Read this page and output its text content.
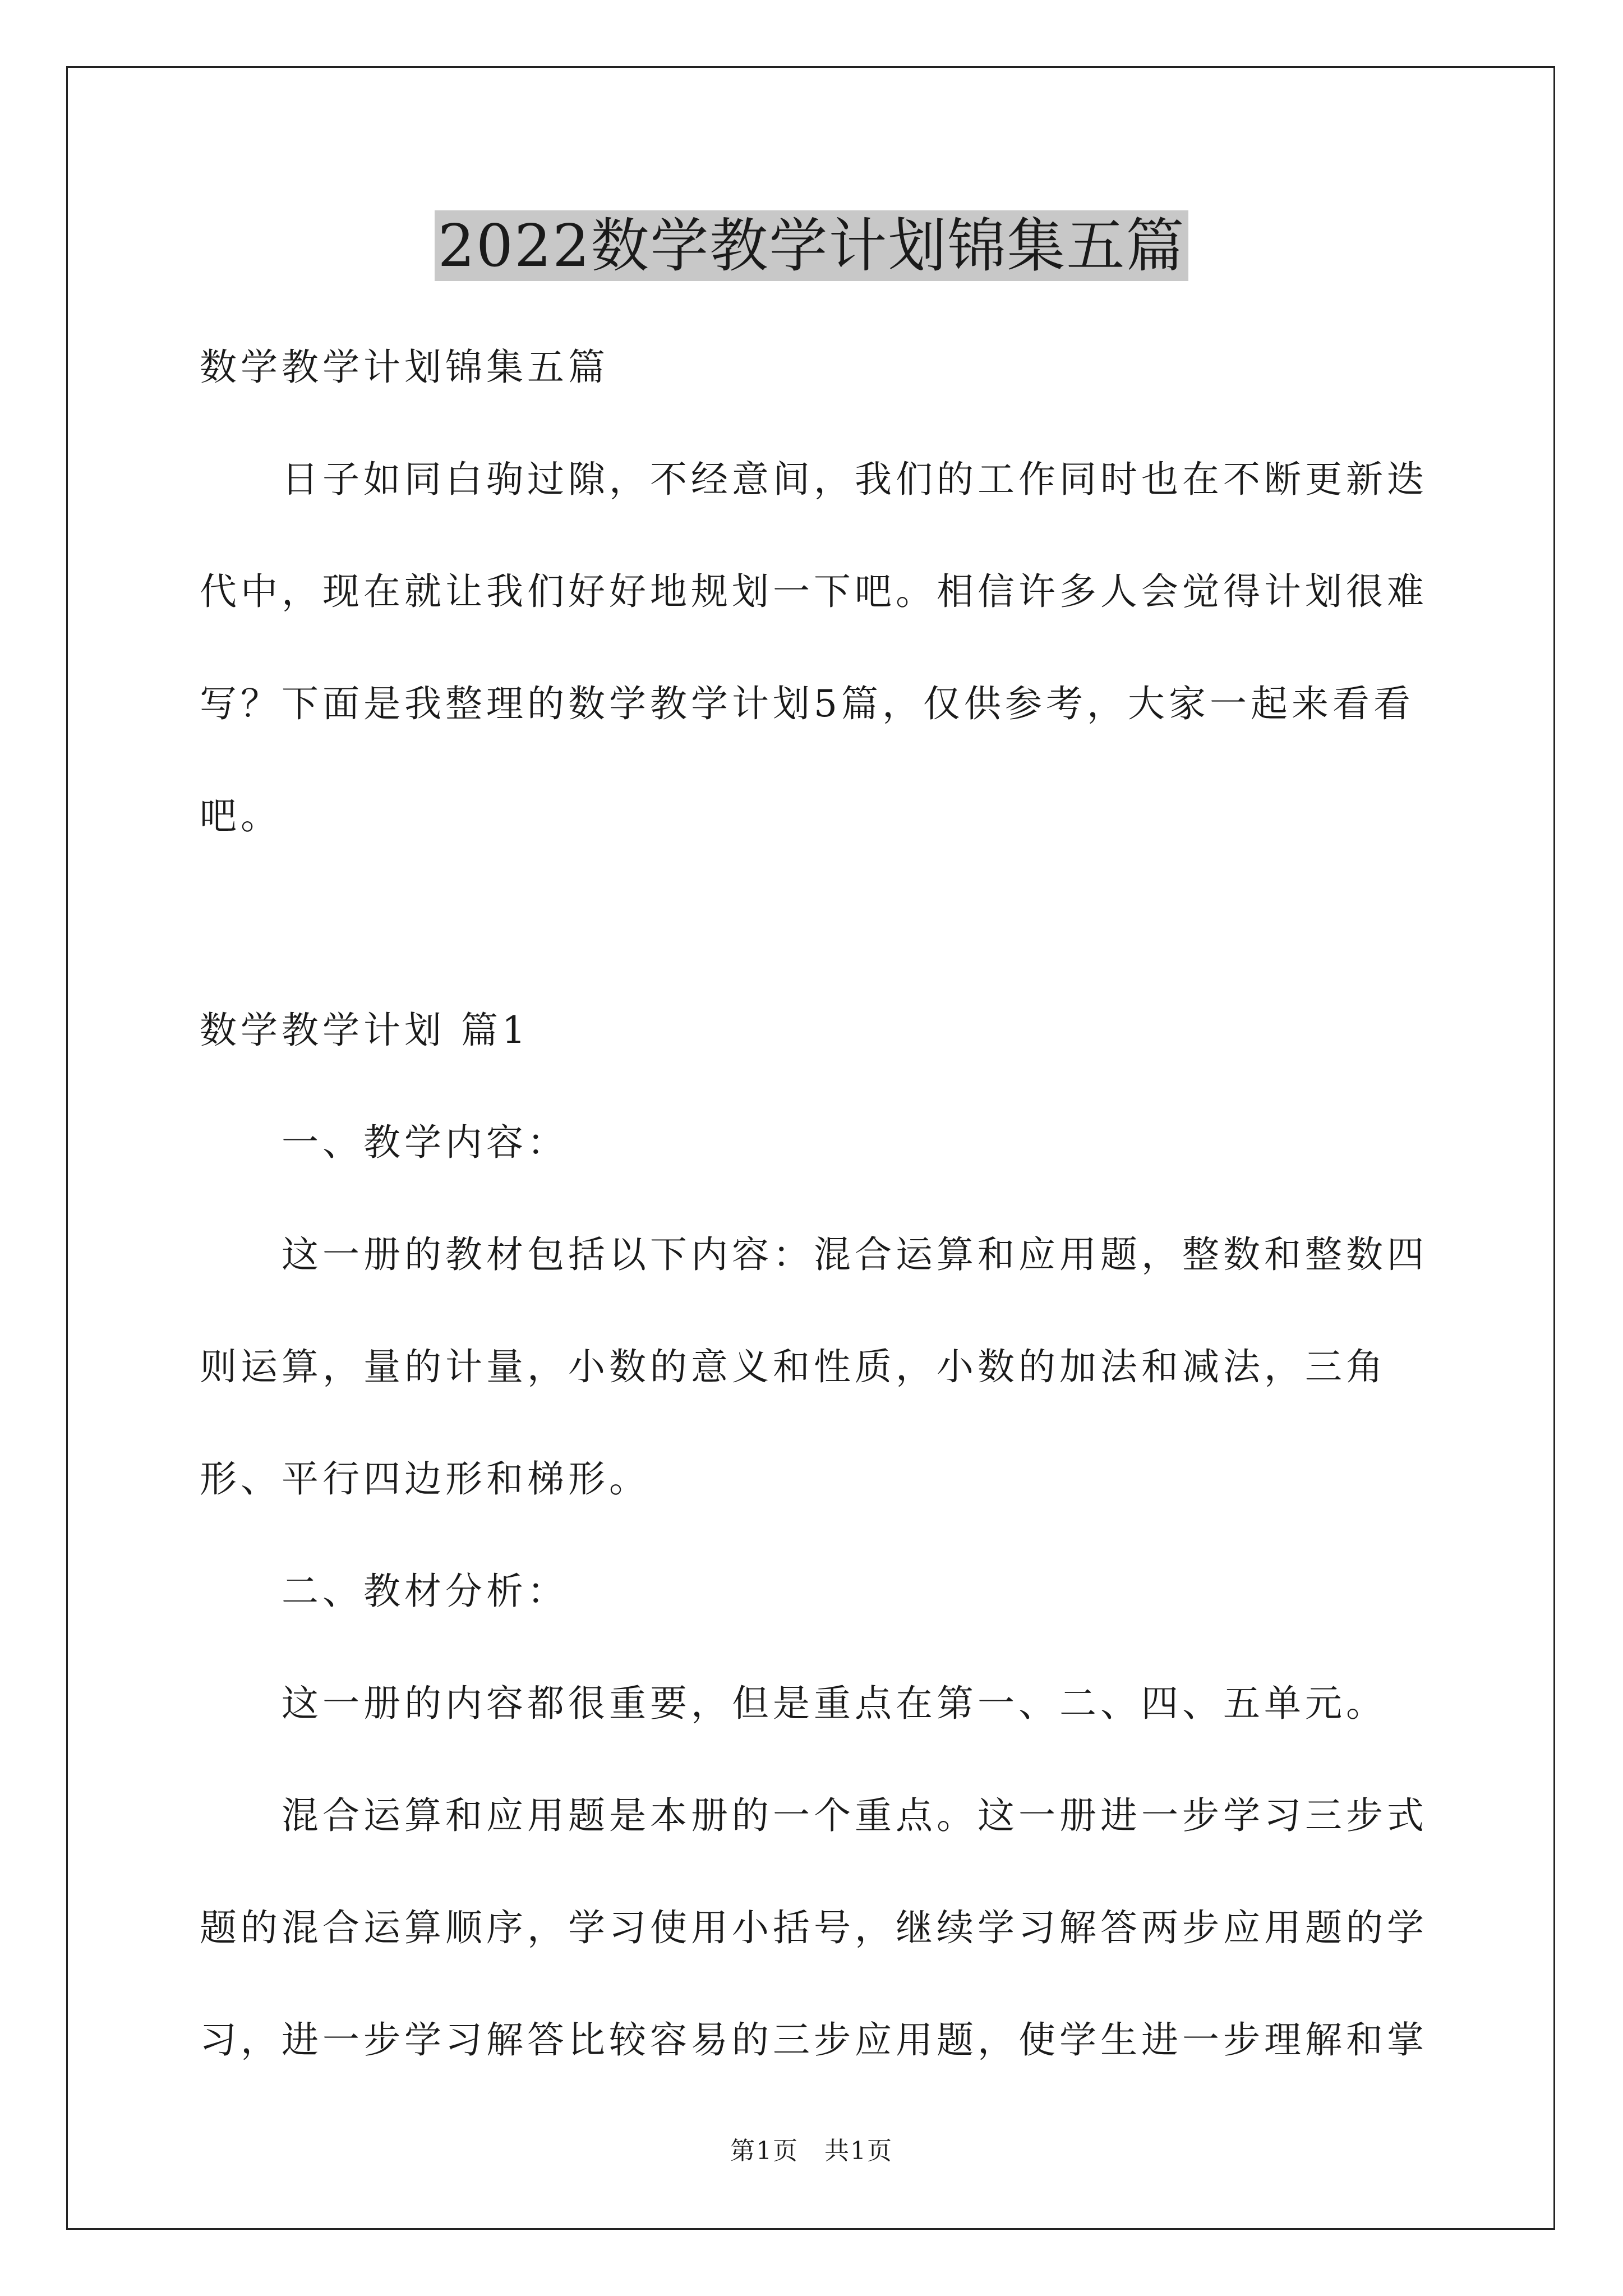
2022数学教学计划锦集五篇

数学教学计划锦集五篇

日子如同白驹过隙，不经意间，我们的工作同时也在不断更新迭代中，现在就让我们好好地规划一下吧。相信许多人会觉得计划很难写？下面是我整理的数学教学计划5篇，仅供参考，大家一起来看看吧。

数学教学计划 篇1

一、教学内容：

这一册的教材包括以下内容：混合运算和应用题，整数和整数四则运算，量的计量，小数的意义和性质，小数的加法和减法，三角形、平行四边形和梯形。

二、教材分析：

这一册的内容都很重要，但是重点在第一、二、四、五单元。

混合运算和应用题是本册的一个重点。这一册进一步学习三步式题的混合运算顺序，学习使用小括号，继续学习解答两步应用题的学习，进一步学习解答比较容易的三步应用题，使学生进一步理解和掌

第1页　共1页
